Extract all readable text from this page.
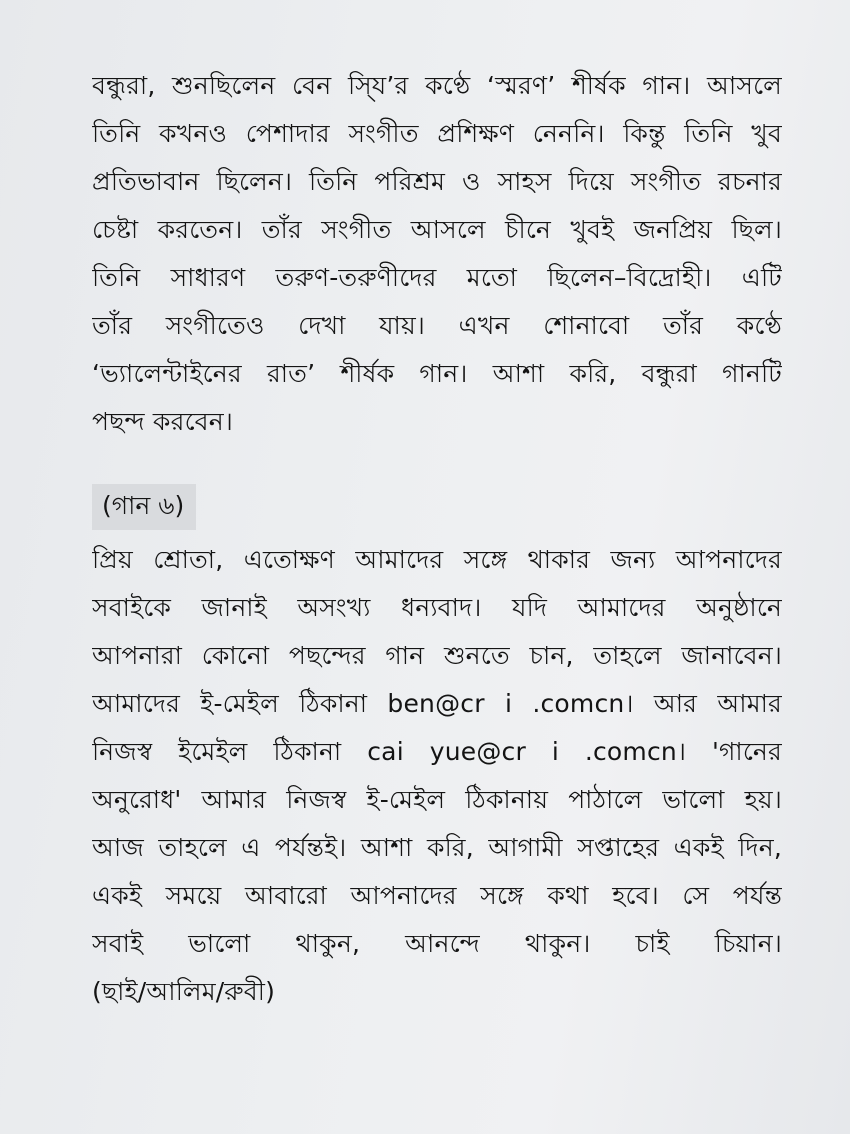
বন্ধুরা, শুনছিলেন বেন সি্য’র কণ্ঠে ‘স্মরণ’ শীর্ষক গান। আসলে
তিনি কখনও পেশাদার সংগীত প্রশিক্ষণ নেননি। কিন্তু তিনি খুব
প্রতিভাবান ছিলেন। তিনি পরিশ্রম ও সাহস দিয়ে সংগীত রচনার
চেষ্টা করতেন। তাঁর সংগীত আসলে চীনে খুবই জনপ্রিয় ছিল।
তিনি সাধারণ তরুণ-তরুণীদের মতো ছিলেন–বিদ্রোহী। এটি
তাঁর সংগীতেও দেখা যায়। এখন শোনাবো তাঁর কণ্ঠে
‘ভ্যালেন্টাইনের রাত’ শীর্ষক গান। আশা করি, বন্ধুরা গানটি
পছন্দ করবেন।

(গান ৬)

প্রিয় শ্রোতা, এতোক্ষণ আমাদের সঙ্গে থাকার জন্য আপনাদের
সবাইকে জানাই অসংখ্য ধন্যবাদ। যদি আমাদের অনুষ্ঠানে
আপনারা কোনো পছন্দের গান শুনতে চান, তাহলে জানাবেন।
আমাদের ই-মেইল ঠিকানা ben@cr i .comcn। আর আমার
নিজস্ব ইমেইল ঠিকানা cai yue@cr i .comcn। 'গানের
অনুরোধ' আমার নিজস্ব ই-মেইল ঠিকানায় পাঠালে ভালো হয়।
আজ তাহলে এ পর্যন্তই। আশা করি, আগামী সপ্তাহের একই দিন,
একই সময়ে আবারো আপনাদের সঙ্গে কথা হবে। সে পর্যন্ত
সবাই ভালো থাকুন, আনন্দে থাকুন। চাই চিয়ান।
(ছাই/আলিম/রুবী)
